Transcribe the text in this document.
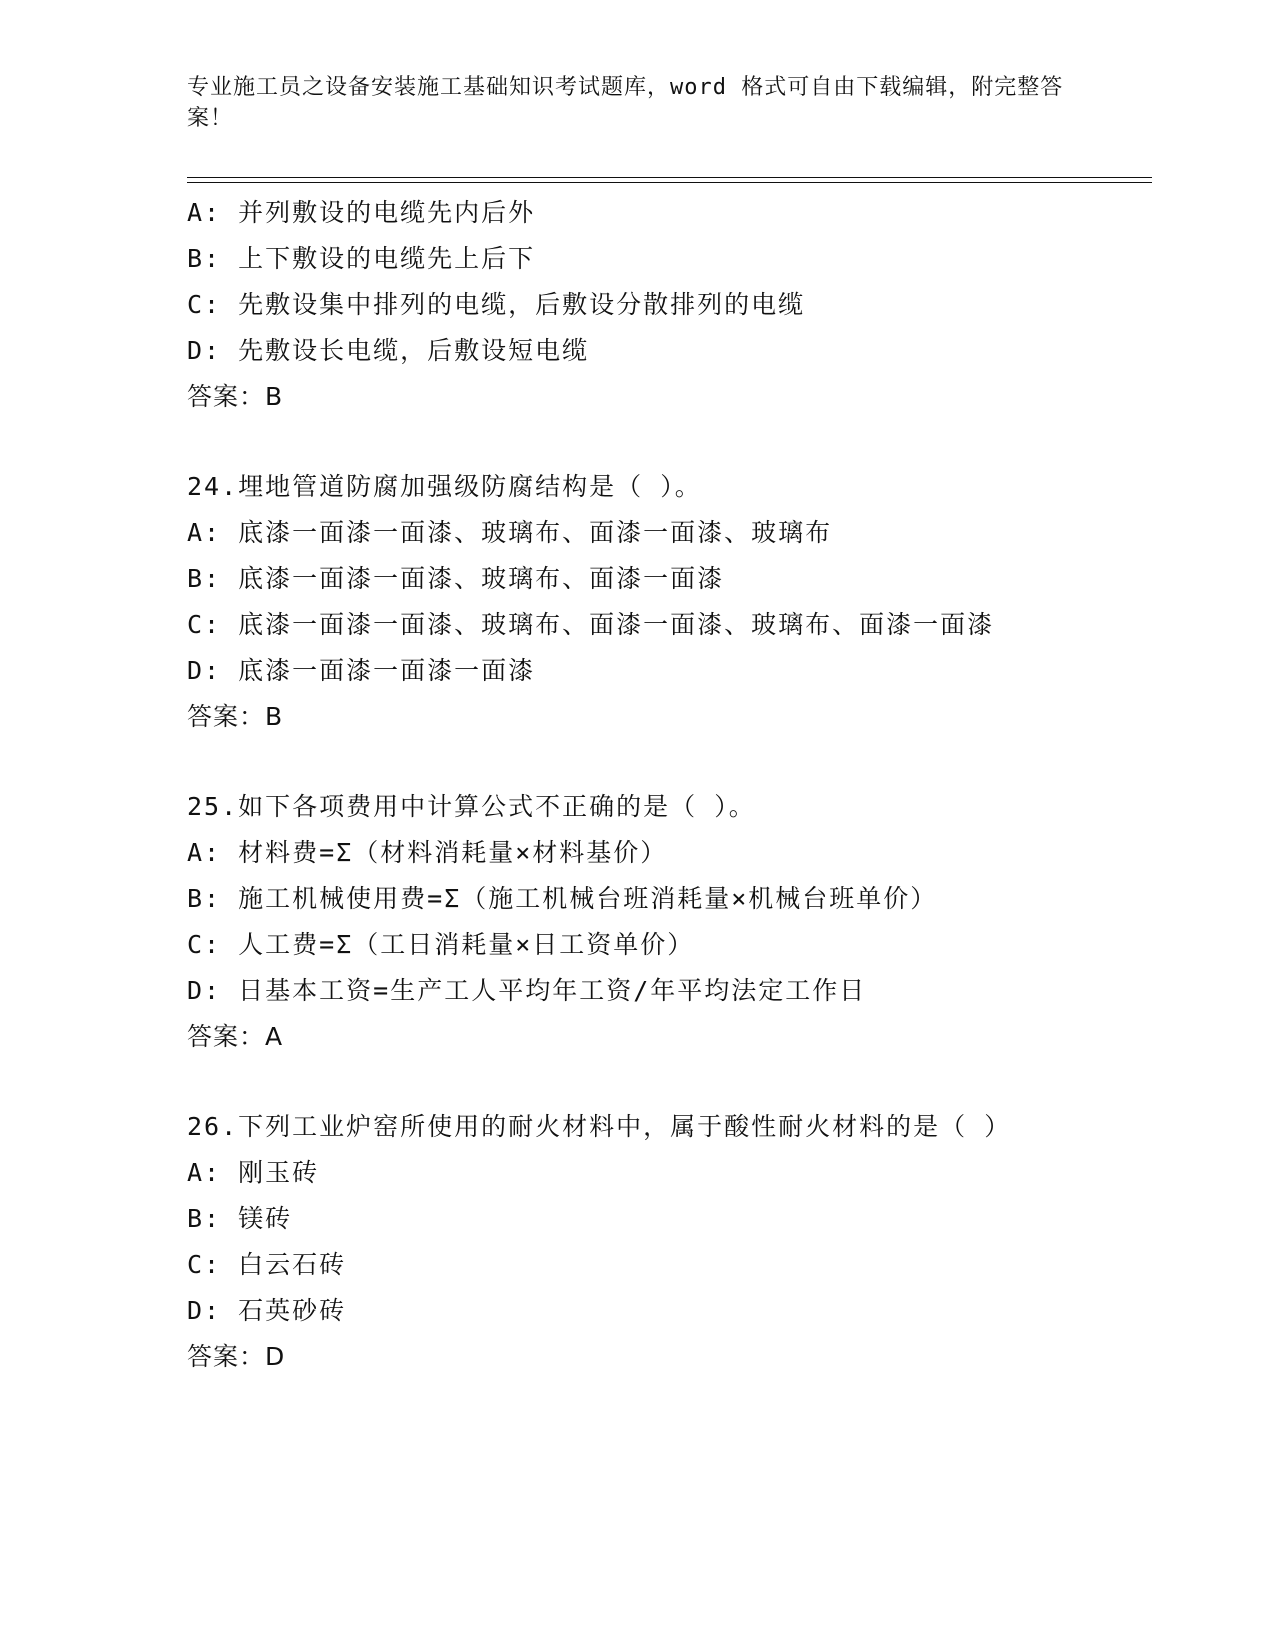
专业施工员之设备安装施工基础知识考试题库，word 格式可自由下载编辑，附完整答案！
A: 并列敷设的电缆先内后外
B: 上下敷设的电缆先上后下
C: 先敷设集中排列的电缆，后敷设分散排列的电缆
D: 先敷设长电缆，后敷设短电缆
答案：B
24.埋地管道防腐加强级防腐结构是（ ）。
A: 底漆一面漆一面漆、玻璃布、面漆一面漆、玻璃布
B: 底漆一面漆一面漆、玻璃布、面漆一面漆
C: 底漆一面漆一面漆、玻璃布、面漆一面漆、玻璃布、面漆一面漆
D: 底漆一面漆一面漆一面漆
答案：B
25.如下各项费用中计算公式不正确的是（ ）。
A: 材料费=Σ（材料消耗量×材料基价）
B: 施工机械使用费=Σ（施工机械台班消耗量×机械台班单价）
C: 人工费=Σ（工日消耗量×日工资单价）
D: 日基本工资=生产工人平均年工资/年平均法定工作日
答案：A
26.下列工业炉窑所使用的耐火材料中，属于酸性耐火材料的是（ ）
A: 刚玉砖
B: 镁砖
C: 白云石砖
D: 石英砂砖
答案：D
